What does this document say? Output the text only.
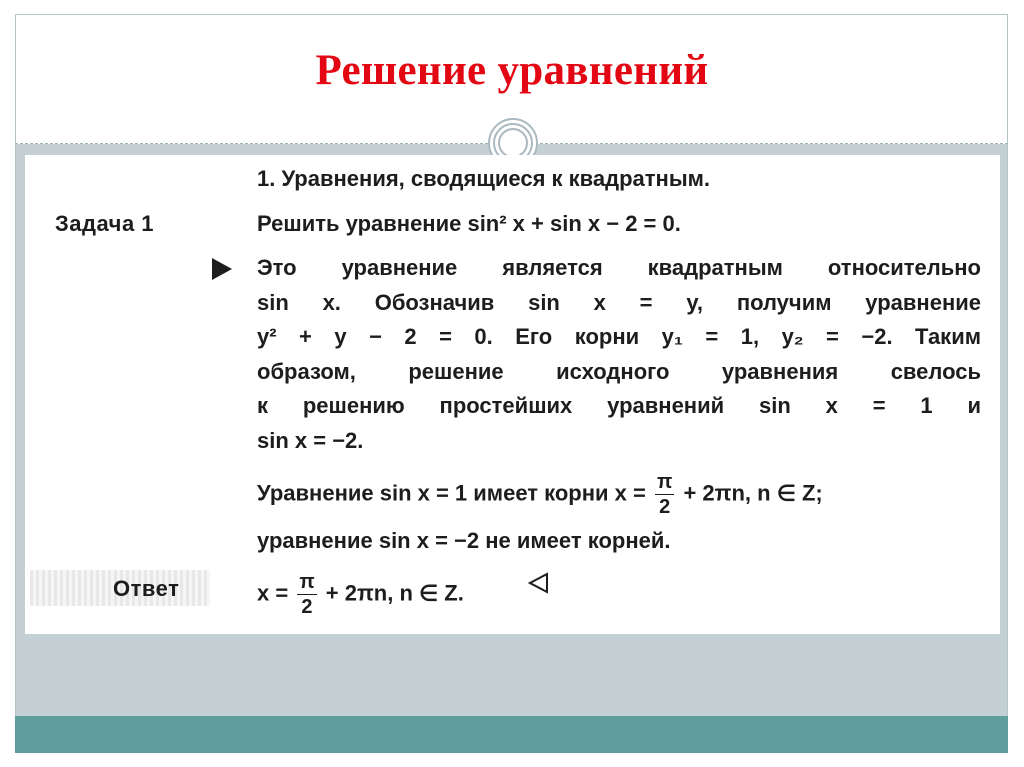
Решение уравнений
1. Уравнения, сводящиеся к квадратным.
Задача 1	Решить уравнение sin² x + sin x − 2 = 0.
Это уравнение является квадратным относительно
sin x. Обозначив sin x = y, получим уравнение
y² + y − 2 = 0. Его корни y₁ = 1, y₂ = −2. Таким
образом, решение исходного уравнения свелось
к решению простейших уравнений sin x = 1 и
sin x = −2.
Уравнение sin x = 1 имеет корни $x = \frac{\pi}{2} + 2\pi n$, n ∈ Z;
уравнение sin x = −2 не имеет корней.
Ответ	$x = \frac{\pi}{2} + 2\pi n$, n ∈ Z.
